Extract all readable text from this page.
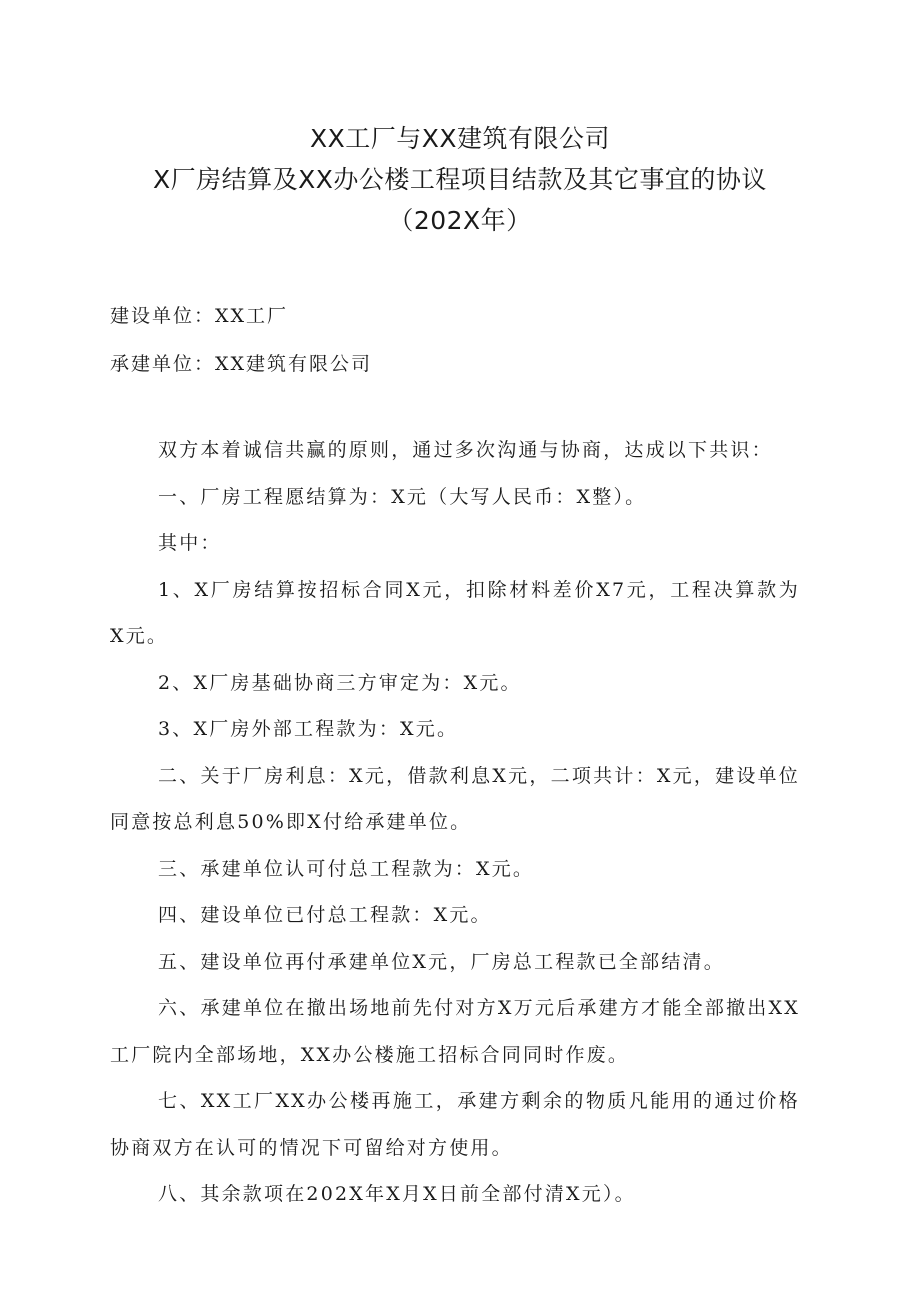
XX工厂与XX建筑有限公司
X厂房结算及XX办公楼工程项目结款及其它事宜的协议
（202X年）
建设单位：XX工厂
承建单位：XX建筑有限公司

双方本着诚信共赢的原则，通过多次沟通与协商，达成以下共识：

一、厂房工程愿结算为：X元（大写人民币：X整）。

其中：

1、X厂房结算按招标合同X元，扣除材料差价X7元，工程决算款为X元。

2、X厂房基础协商三方审定为：X元。

3、X厂房外部工程款为：X元。

二、关于厂房利息：X元，借款利息X元，二项共计：X元，建设单位同意按总利息50%即X付给承建单位。

三、承建单位认可付总工程款为：X元。

四、建设单位已付总工程款：X元。

五、建设单位再付承建单位X元，厂房总工程款已全部结清。

六、承建单位在撤出场地前先付对方X万元后承建方才能全部撤出XX工厂院内全部场地，XX办公楼施工招标合同同时作废。

七、XX工厂XX办公楼再施工，承建方剩余的物质凡能用的通过价格协商双方在认可的情况下可留给对方使用。

八、其余款项在202X年X月X日前全部付清X元）。
